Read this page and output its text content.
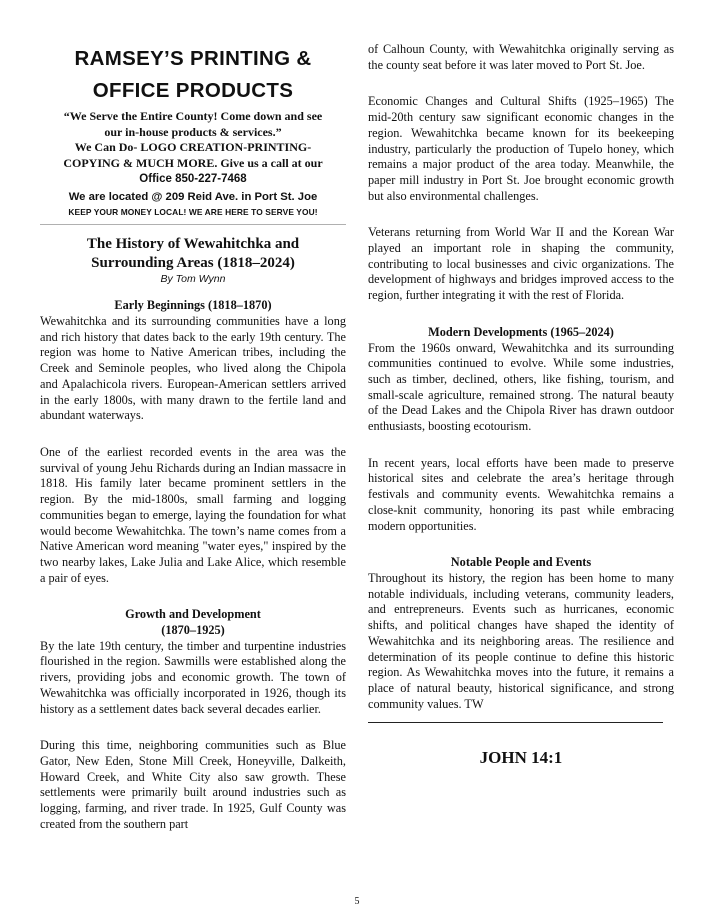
RAMSEY’S PRINTING &
OFFICE PRODUCTS
“We Serve the Entire County! Come down and see
our in-house products & services.”
We Can Do- LOGO CREATION-PRINTING-
COPYING & MUCH MORE. Give us a call at our
Office 850-227-7468
We are located @ 209 Reid Ave. in Port St. Joe
KEEP YOUR MONEY LOCAL! WE ARE HERE TO SERVE YOU!
The History of Wewahitchka and
Surrounding Areas (1818–2024)
By Tom Wynn
Early Beginnings (1818–1870)

Wewahitchka and its surrounding communities have a long and rich history that dates back to the early 19th century. The region was home to Native American tribes, including the Creek and Seminole peoples, who lived along the Chipola and Apalachicola rivers. European-American settlers arrived in the early 1800s, with many drawn to the fertile land and abundant waterways.

One of the earliest recorded events in the area was the survival of young Jehu Richards during an Indian massacre in 1818. His family later became prominent settlers in the region. By the mid-1800s, small farming and logging communities began to emerge, laying the foundation for what would become Wewahitchka. The town’s name comes from a Native American word meaning "water eyes," inspired by the two nearby lakes, Lake Julia and Lake Alice, which resemble a pair of eyes.

Growth and Development
(1870–1925)

By the late 19th century, the timber and turpentine industries flourished in the region. Sawmills were established along the rivers, providing jobs and economic growth. The town of Wewahitchka was officially incorporated in 1926, though its history as a settlement dates back several decades earlier.

During this time, neighboring communities such as Blue Gator, New Eden, Stone Mill Creek, Honeyville, Dalkeith, Howard Creek, and White City also saw growth. These settlements were primarily built around industries such as logging, farming, and river trade. In 1925, Gulf County was created from the southern part

of Calhoun County, with Wewahitchka originally serving as the county seat before it was later moved to Port St. Joe.

Economic Changes and Cultural Shifts (1925–1965) The mid-20th century saw significant economic changes in the region. Wewahitchka became known for its beekeeping industry, particularly the production of Tupelo honey, which remains a major product of the area today. Meanwhile, the paper mill industry in Port St. Joe brought economic growth but also environmental challenges.

Veterans returning from World War II and the Korean War played an important role in shaping the community, contributing to local businesses and civic organizations. The development of highways and bridges improved access to the region, further integrating it with the rest of Florida.

Modern Developments (1965–2024)

From the 1960s onward, Wewahitchka and its surrounding communities continued to evolve. While some industries, such as timber, declined, others, like fishing, tourism, and small-scale agriculture, remained strong. The natural beauty of the Dead Lakes and the Chipola River has drawn outdoor enthusiasts, boosting ecotourism.

In recent years, local efforts have been made to preserve historical sites and celebrate the area’s heritage through festivals and community events. Wewahitchka remains a close-knit community, honoring its past while embracing modern opportunities.

Notable People and Events

Throughout its history, the region has been home to many notable individuals, including veterans, community leaders, and entrepreneurs. Events such as hurricanes, economic shifts, and political changes have shaped the identity of Wewahitchka and its neighboring areas. The resilience and determination of its people continue to define this historic region. As Wewahitchka moves into the future, it remains a place of natural beauty, historical significance, and strong community values. TW

JOHN 14:1
5
